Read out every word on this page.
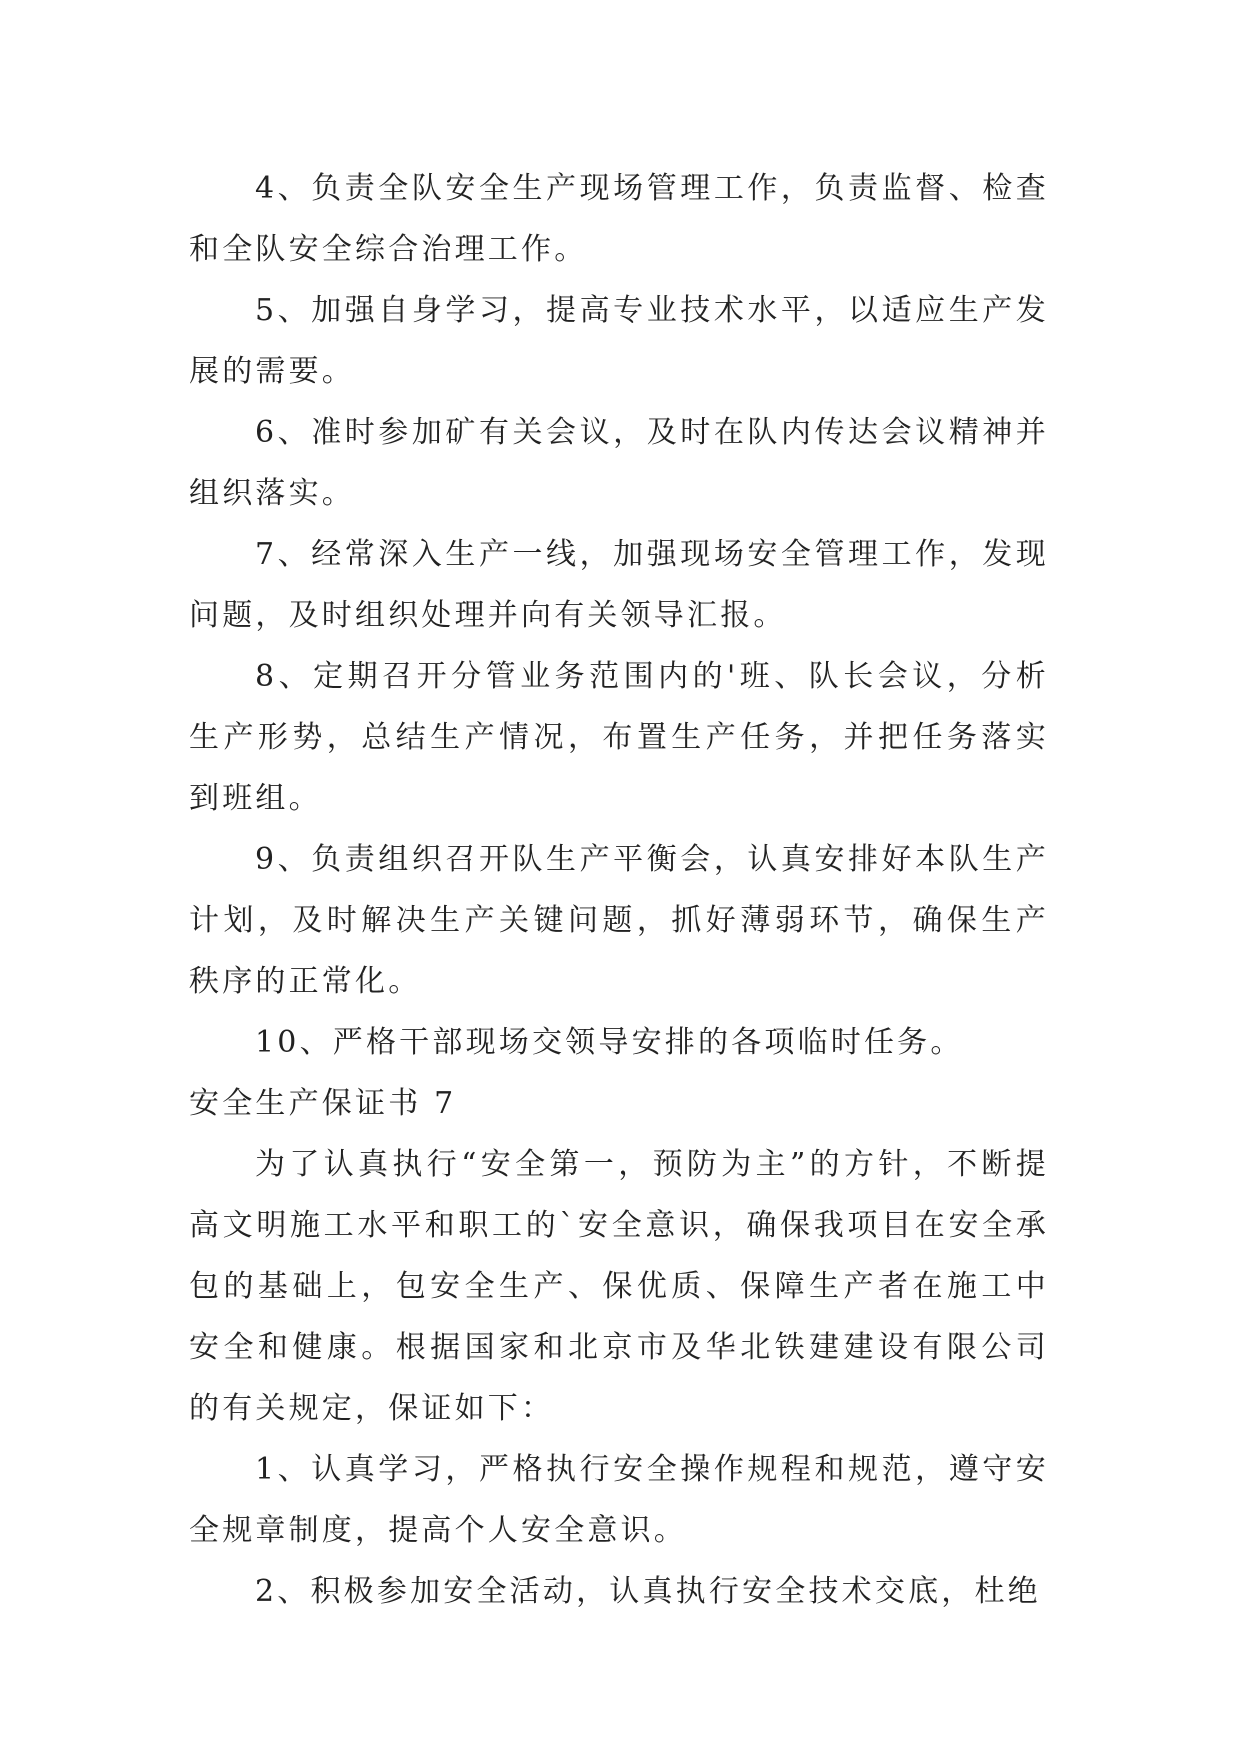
4、负责全队安全生产现场管理工作，负责监督、检查和全队安全综合治理工作。

5、加强自身学习，提高专业技术水平，以适应生产发展的需要。

6、准时参加矿有关会议，及时在队内传达会议精神并组织落实。

7、经常深入生产一线，加强现场安全管理工作，发现问题，及时组织处理并向有关领导汇报。

8、定期召开分管业务范围内的'班、队长会议，分析生产形势，总结生产情况，布置生产任务，并把任务落实到班组。

9、负责组织召开队生产平衡会，认真安排好本队生产计划，及时解决生产关键问题，抓好薄弱环节，确保生产秩序的正常化。

10、严格干部现场交领导安排的各项临时任务。

安全生产保证书 7

为了认真执行“安全第一，预防为主”的方针，不断提高文明施工水平和职工的`安全意识，确保我项目在安全承包的基础上，包安全生产、保优质、保障生产者在施工中安全和健康。根据国家和北京市及华北铁建建设有限公司的有关规定，保证如下：

1、认真学习，严格执行安全操作规程和规范，遵守安全规章制度，提高个人安全意识。

2、积极参加安全活动，认真执行安全技术交底，杜绝
